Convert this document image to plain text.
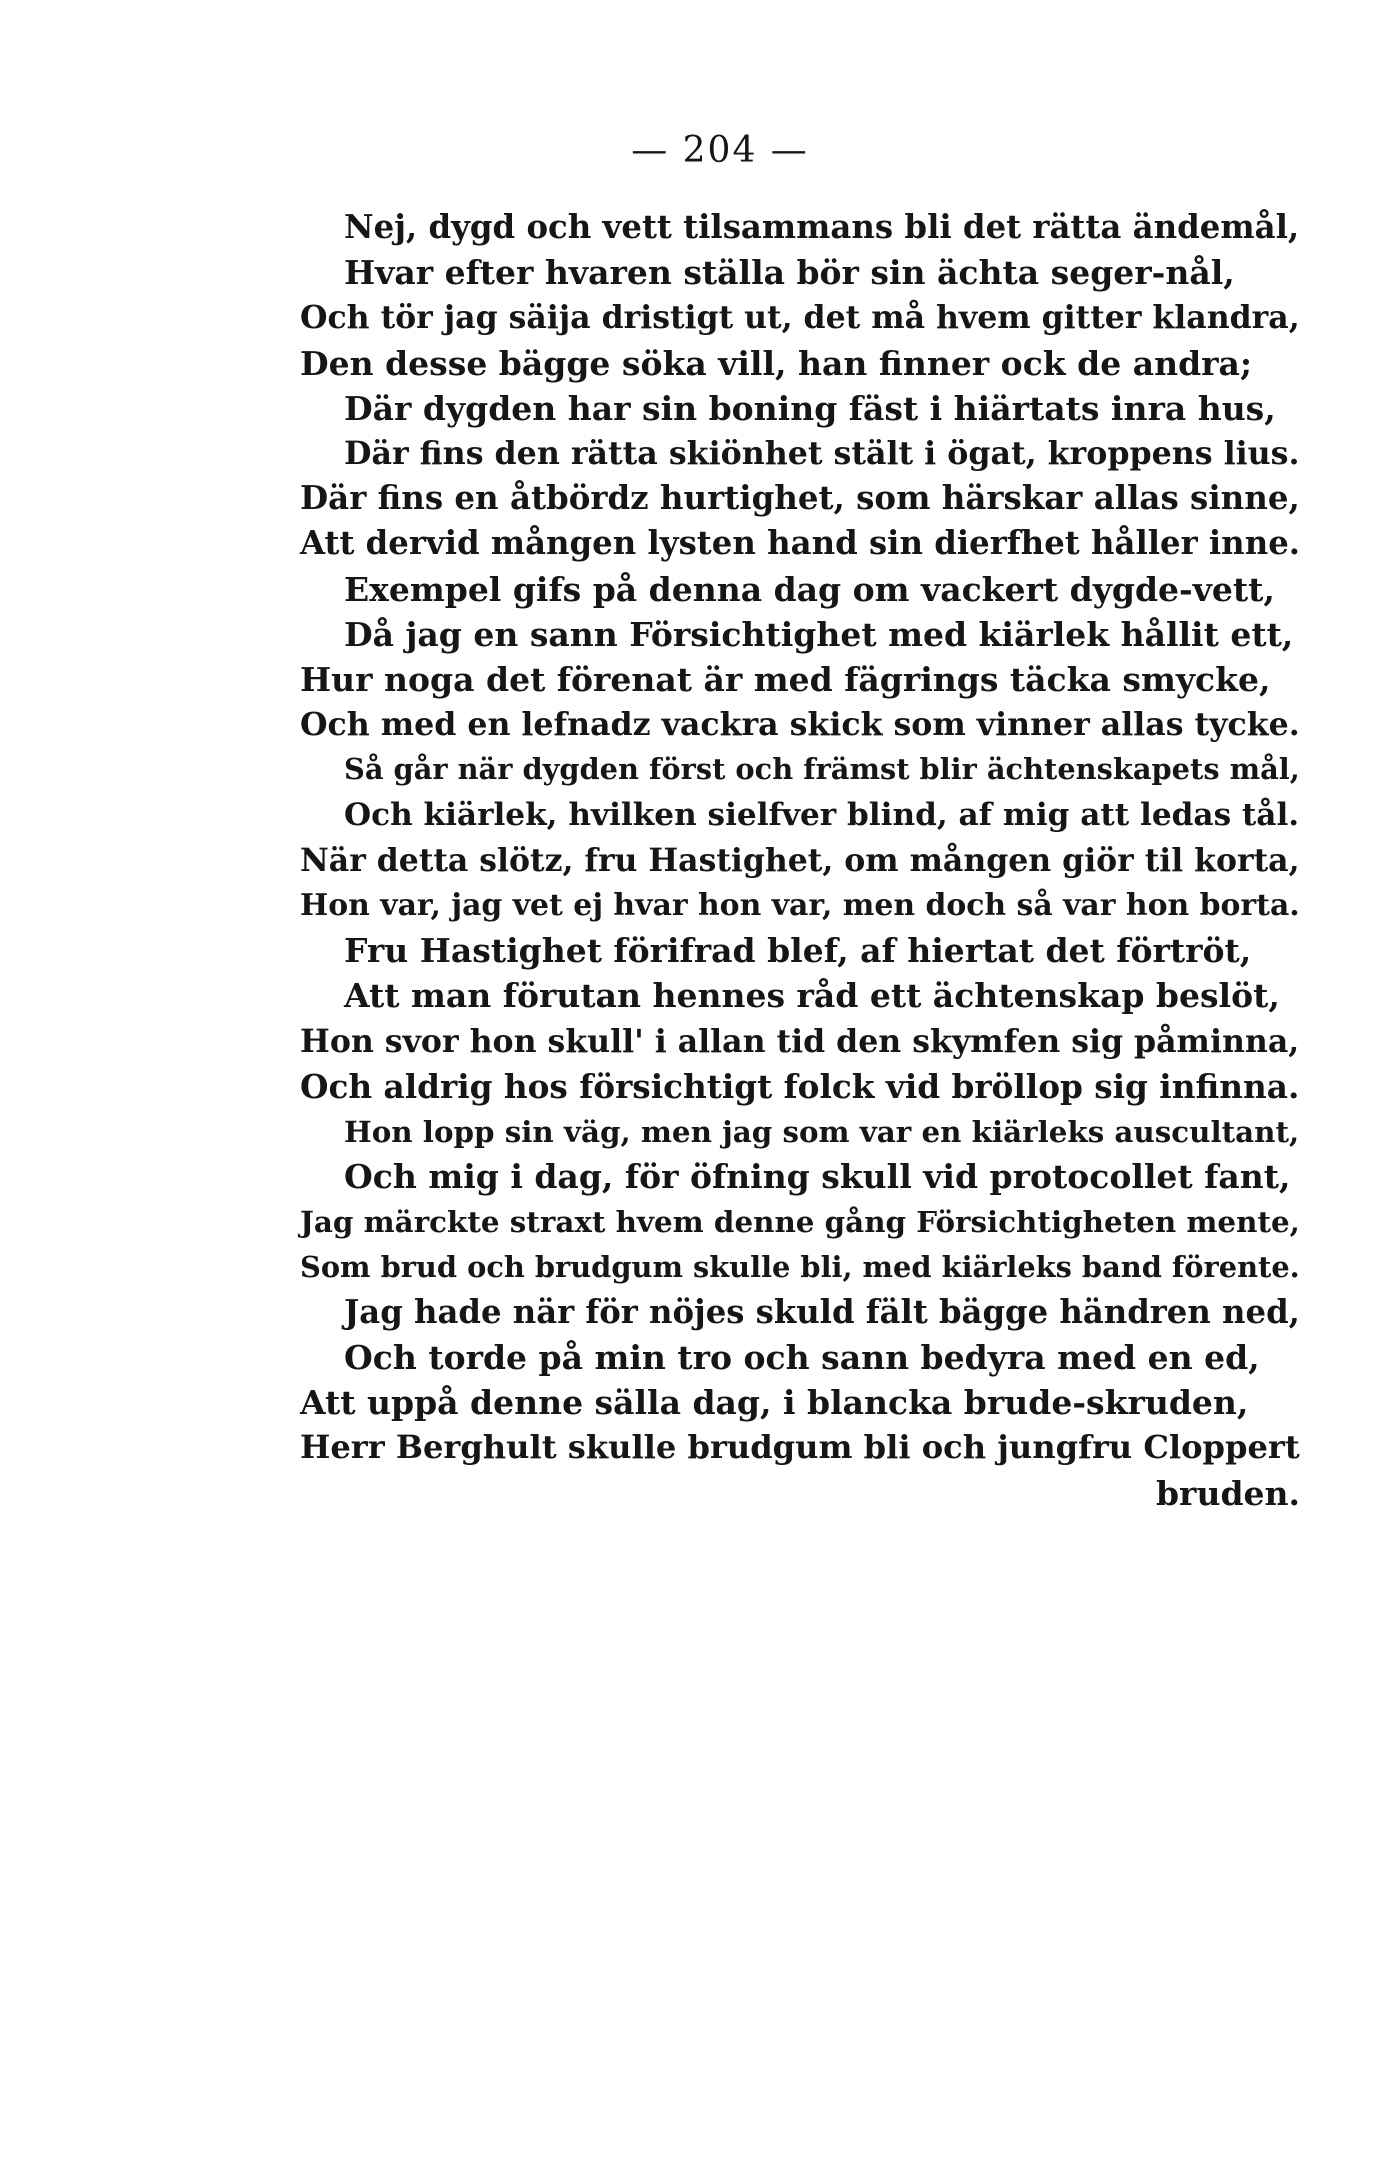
— 204 —
Nej, dygd och vett tilsammans bli det rätta ändemål,
Hvar efter hvaren ställa bör sin ächta seger-nål,
Och tör jag säija dristigt ut, det må hvem gitter klandra,
Den desse bägge söka vill, han finner ock de andra;
Där dygden har sin boning fäst i hiärtats inra hus,
Där fins den rätta skiönhet stält i ögat, kroppens lius.
Där fins en åtbördz hurtighet, som härskar allas sinne,
Att dervid mången lysten hand sin dierfhet håller inne.
Exempel gifs på denna dag om vackert dygde-vett,
Då jag en sann Försichtighet med kiärlek hållit ett,
Hur noga det förenat är med fägrings täcka smycke,
Och med en lefnadz vackra skick som vinner allas tycke.
Så går när dygden först och främst blir ächtenskapets mål,
Och kiärlek, hvilken sielfver blind, af mig att ledas tål.
När detta slötz, fru Hastighet, om mången giör til korta,
Hon var, jag vet ej hvar hon var, men doch så var hon borta.
Fru Hastighet förifrad blef, af hiertat det förtröt,
Att man förutan hennes råd ett ächtenskap beslöt,
Hon svor hon skull' i allan tid den skymfen sig påminna,
Och aldrig hos försichtigt folck vid bröllop sig infinna.
Hon lopp sin väg, men jag som var en kiärleks auscultant,
Och mig i dag, för öfning skull vid protocollet fant,
Jag märckte straxt hvem denne gång Försichtigheten mente,
Som brud och brudgum skulle bli, med kiärleks band förente.
Jag hade när för nöjes skuld fält bägge händren ned,
Och torde på min tro och sann bedyra med en ed,
Att uppå denne sälla dag, i blancka brude-skruden,
Herr Berghult skulle brudgum bli och jungfru Cloppert
bruden.
